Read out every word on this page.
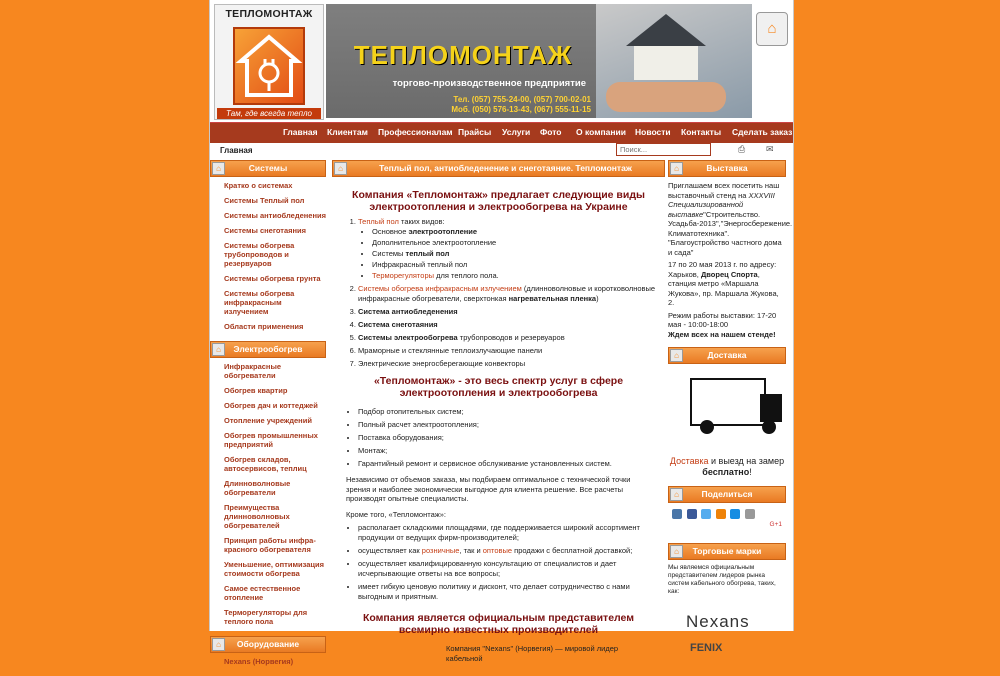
ТЕПЛОМОНТАЖ
Там, где всегда тепло
ТЕПЛОМОНТАЖ
торгово-производственное предприятие
Тел. (057) 755-24-00, (057) 700-02-01
Моб. (050) 576-13-43, (067) 555-11-15
⌂
Главная Клиентам Профессионалам Прайсы Услуги Фото О компании Новости Контакты Сделать заказ
Главная
Поиск...	⎙ ✉
⌂	Системы
Кратко о системах
Системы Теплый пол
Системы антиобледенения
Системы снеготаяния
Системы обогрева трубопроводов и резервуаров
Системы обогрева грунта
Системы обогрева инфракрасным излучением
Области применения
⌂	Электрообогрев
Инфракрасные обогреватели
Обогрев квартир
Обогрев дач и коттеджей
Отопление учреждений
Обогрев промышленных предприятий
Обогрев складов, автосервисов, теплиц
Длинноволновые обогреватели
Преимущества длинноволновых обогревателей
Принцип работы инфра-красного обогревателя
Уменьшение, оптимизация стоимости обогрева
Самое естественное отопление
Терморегуляторы для теплого пола
⌂	Оборудование
Nexans (Норвегия)
⌂	Теплый пол, антиобледенение и снеготаяние. Тепломонтаж
Компания «Тепломонтаж» предлагает следующие виды электроотопления и электрообогрева на Украине
1. Теплый пол таких видов:
• Основное электроотопление
• Дополнительное электроотопление
• Системы теплый пол
• Инфракрасный теплый пол
• Терморегуляторы для теплого пола.
2. Системы обогрева инфракрасным излучением (длинноволновые и коротковолновые инфракрасные обогреватели, сверхтонкая нагревательная пленка)
3. Система антиобледенения
4. Система снеготаяния
5. Системы электрообогрева трубопроводов и резервуаров
6. Мраморные и стеклянные теплоизлучающие панели
7. Электрические энергосберегающие конвекторы
«Тепломонтаж» - это весь спектр услуг в сфере электроотопления и электрообогрева
• Подбор отопительных систем;
• Полный расчет электроотопления;
• Поставка оборудования;
• Монтаж;
• Гарантийный ремонт и сервисное обслуживание установленных систем.
Независимо от объемов заказа, мы подбираем оптимальное с технической точки зрения и наиболее экономически выгодное для клиента решение. Все расчеты производят опытные специалисты.
Кроме того, «Тепломонтаж»:
• располагает складскими площадями, где поддерживается широкий ассортимент продукции от ведущих фирм-производителей;
• осуществляет как розничные, так и оптовые продажи с бесплатной доставкой;
• осуществляет квалифицированную консультацию от специалистов и дает исчерпывающие ответы на все вопросы;
• имеет гибкую ценовую политику и дисконт, что делает сотрудничество с нами выгодным и приятным.
Компания является официальным представителем всемирно известных производителей
Компания "Nexans" (Норвегия) — мировой лидер кабельной
⌂	Выставка
Приглашаем всех посетить наш выставочный стенд на XXXVIII Специализированной выставке"Строительство. Усадьба-2013","Энергосбережение. Климатотехника". "Благоустройство частного дома и сада"
17 по 20 мая 2013 г. по адресу: Харьков, Дворец Спорта, станция метро «Маршала Жукова», пр. Маршала Жукова, 2.
Режим работы выставки: 17-20 мая - 10:00-18:00
Ждем всех на нашем стенде!
⌂	Доставка
Доставка и выезд на замер
бесплатно!
⌂	Поделиться

G+1
⌂	Торговые марки
Мы являемся официальным представителем лидеров рынка систем кабельного обогрева, таких, как:
Nexans
FENIX
